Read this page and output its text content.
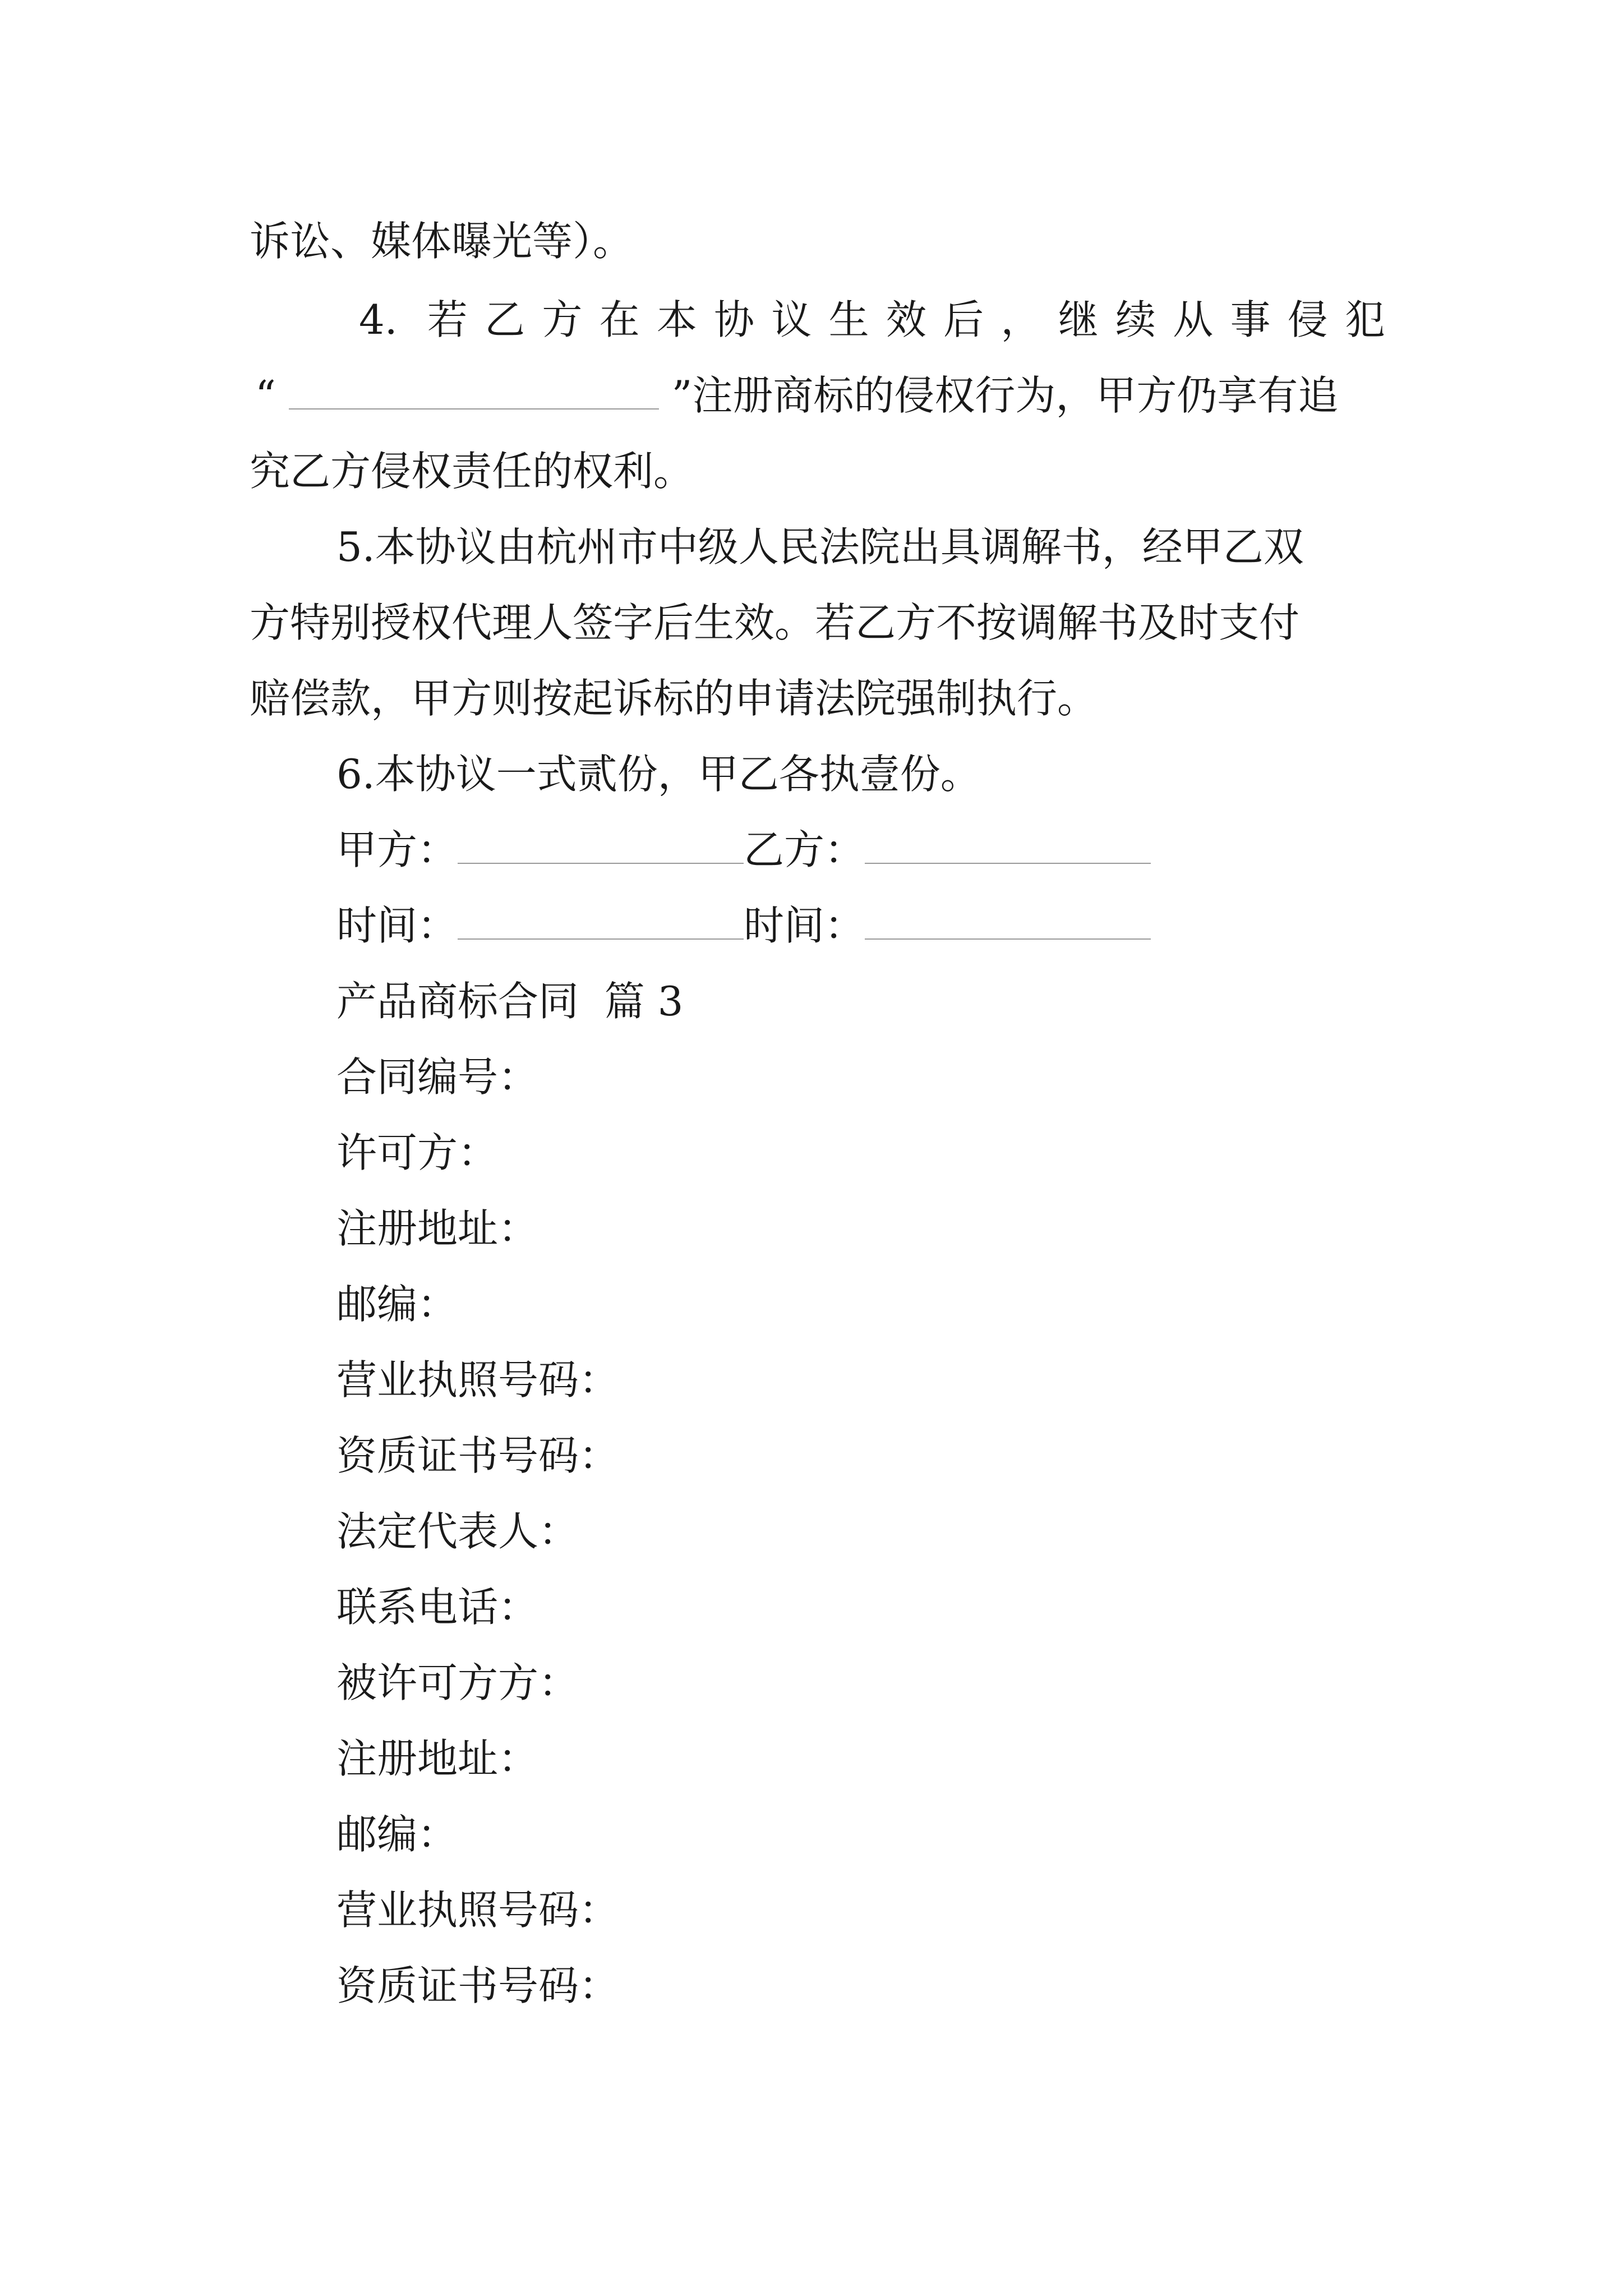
诉讼、媒体曝光等）。
4. 若乙方在本协议生效后，继续从事侵犯
“	”注册商标的侵权行为，甲方仍享有追
究乙方侵权责任的权利。
5.本协议由杭州市中级人民法院出具调解书，经甲乙双
方特别授权代理人签字后生效。若乙方不按调解书及时支付
赔偿款，甲方则按起诉标的申请法院强制执行。
6.本协议一式贰份，甲乙各执壹份。
甲方：	乙方：
时间：	时间：
产品商标合同  篇 3
合同编号：
许可方：
注册地址：
邮编：
营业执照号码：
资质证书号码：
法定代表人：
联系电话：
被许可方方：
注册地址：
邮编：
营业执照号码：
资质证书号码：
